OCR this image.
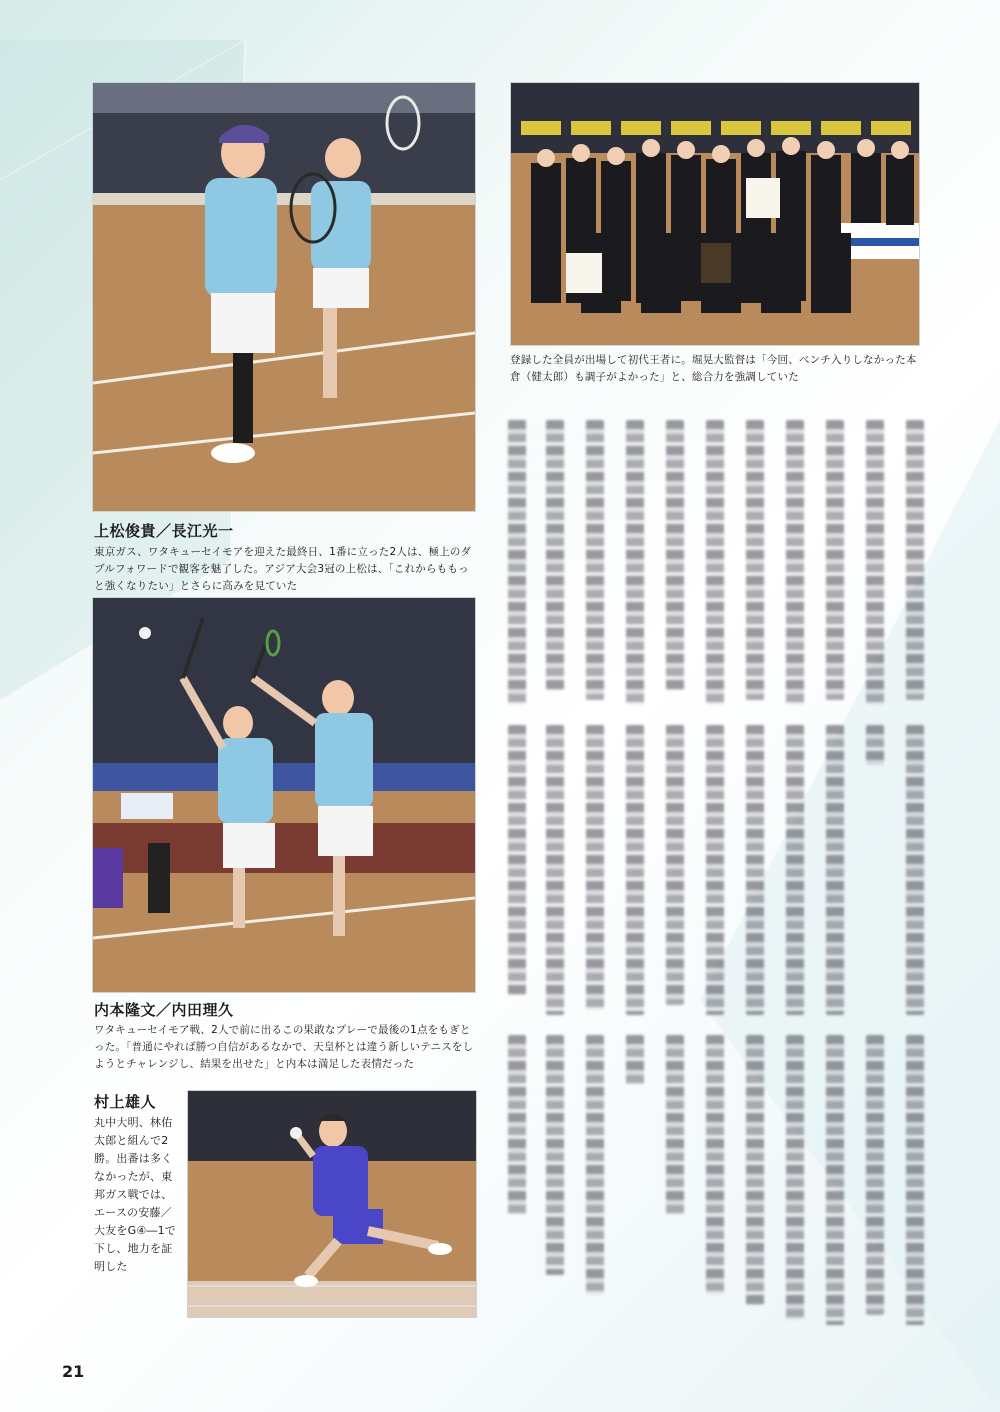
登録した全員が出場して初代王者に。堀晃大監督は「今回、ベンチ入りしなかった本倉（健太郎）も調子がよかった」と、総合力を強調していた
上松俊貴／長江光一
東京ガス、ワタキューセイモアを迎えた最終日、1番に立った2人は、極上のダブルフォワードで観客を魅了した。アジア大会3冠の上松は、「これからももっと強くなりたい」とさらに高みを見ていた
内本隆文／内田理久
ワタキューセイモア戦、2人で前に出るこの果敢なプレーで最後の1点をもぎとった。「普通にやれば勝つ自信があるなかで、天皇杯とは違う新しいテニスをしようとチャレンジし、結果を出せた」と内本は満足した表情だった
村上雄人
丸中大明、林佑太郎と組んで2勝。出番は多くなかったが、東邦ガス戦では、エースの安藤／大友をG④―1で下し、地力を証明した
21
